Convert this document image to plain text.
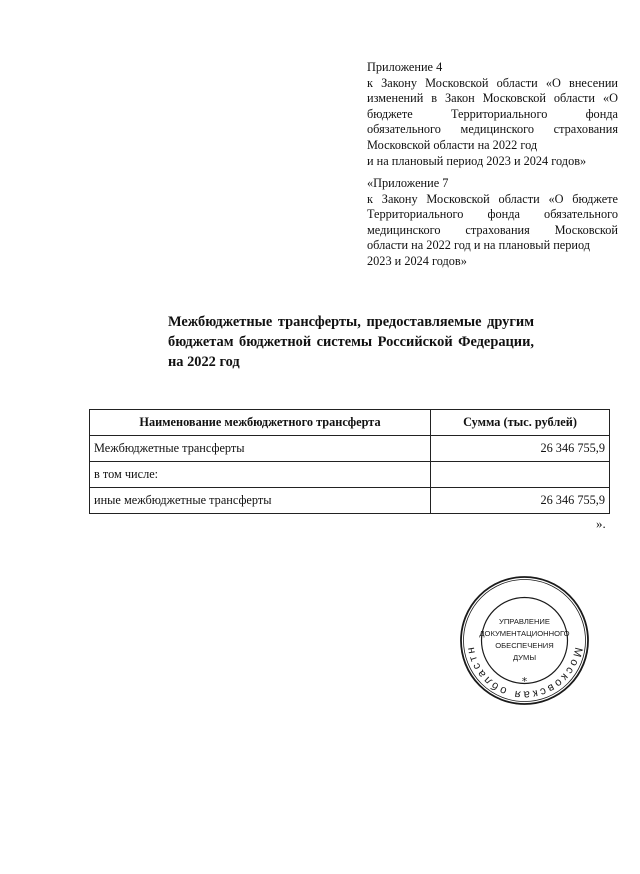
Приложение 4
к Закону Московской области «О внесении изменений в Закон Московской области «О бюджете Территориального фонда обязательного медицинского страхования Московской области на 2022 год
и на плановый период 2023 и 2024 годов»
«Приложение 7
к Закону Московской области «О бюджете Территориального фонда обязательного медицинского страхования Московской области на 2022 год и на плановый период
2023 и 2024 годов»
Межбюджетные трансферты, предоставляемые другим бюджетам бюджетной системы Российской Федерации, на 2022 год
Наименование межбюджетного трансферта	Сумма (тыс. рублей)
Межбюджетные трансферты	26 346 755,9
в том числе:	
иные межбюджетные трансферты	26 346 755,9
».
Московская областн
УПРАВЛЕНИЕ
ДОКУМЕНТАЦИОННОГО
ОБЕСПЕЧЕНИЯ
ДУМЫ
*
